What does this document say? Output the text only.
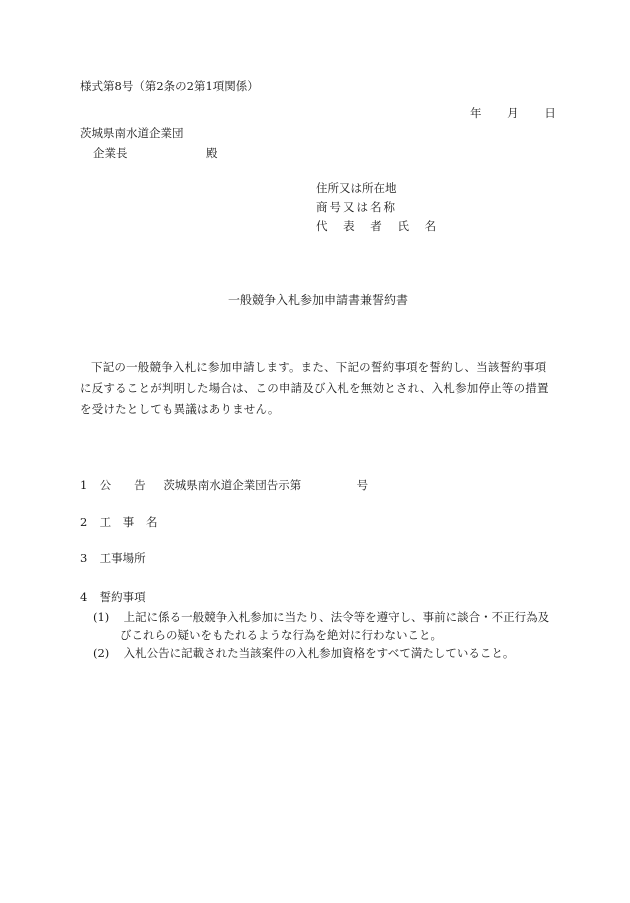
様式第8号（第2条の2第1項関係）
年 月 日
茨城県南水道企業団
企業長	殿
住所又は所在地
商号又は名称
代 表 者 氏 名
一般競争入札参加申請書兼誓約書

下記の一般競争入札に参加申請します。また、下記の誓約事項を誓約し、当該誓約事項

に反することが判明した場合は、この申請及び入札を無効とされ、入札参加停止等の措置

を受けたとしても異議はありません。

1 公　　告 茨城県南水道企業団告示第	号
2 工 事 名
3 工事場所
4 誓約事項
(1) 上記に係る一般競争入札参加に当たり、法令等を遵守し、事前に談合・不正行為及
びこれらの疑いをもたれるような行為を絶対に行わないこと。
(2) 入札公告に記載された当該案件の入札参加資格をすべて満たしていること。
